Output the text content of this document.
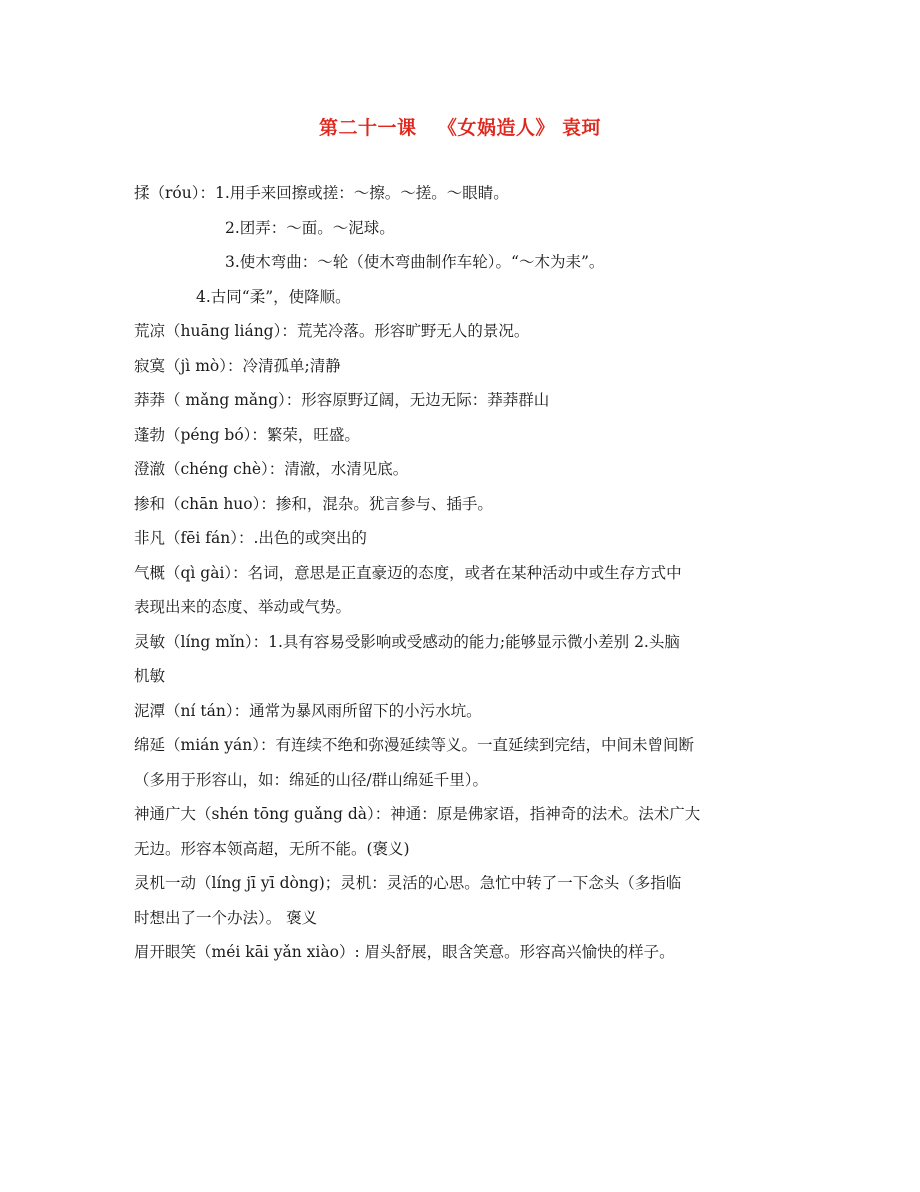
第二十一课   《女娲造人》 袁珂
揉（róu）：1.用手来回擦或搓：～擦。～搓。～眼睛。
2.团弄：～面。～泥球。
3.使木弯曲：～轮（使木弯曲制作车轮）。“～木为耒”。
4.古同“柔”，使降顺。
荒凉（huāng liáng）：荒芜冷落。形容旷野无人的景况。
寂寞（jì mò）：冷清孤单;清静
莽莽（ mǎng mǎng）：形容原野辽阔，无边无际：莽莽群山
蓬勃（péng bó）：繁荣，旺盛。
澄澈（chéng chè）：清澈，水清见底。
掺和（chān huo）：掺和，混杂。犹言参与、插手。
非凡（fēi fán）：.出色的或突出的
气概（qì gài）：名词，意思是正直豪迈的态度，或者在某种活动中或生存方式中
表现出来的态度、举动或气势。
灵敏（líng mǐn）：1.具有容易受影响或受感动的能力;能够显示微小差别 2.头脑
机敏
泥潭（ní tán）：通常为暴风雨所留下的小污水坑。
绵延（mián yán）：有连续不绝和弥漫延续等义。一直延续到完结，中间未曾间断
（多用于形容山，如：绵延的山径/群山绵延千里）。
神通广大（shén tōng guǎng dà）：神通：原是佛家语，指神奇的法术。法术广大
无边。形容本领高超，无所不能。(褒义)
灵机一动（líng jī yī dòng)；灵机：灵活的心思。急忙中转了一下念头（多指临
时想出了一个办法）。 褒义
眉开眼笑（méi kāi yǎn xiào）: 眉头舒展，眼含笑意。形容高兴愉快的样子。
